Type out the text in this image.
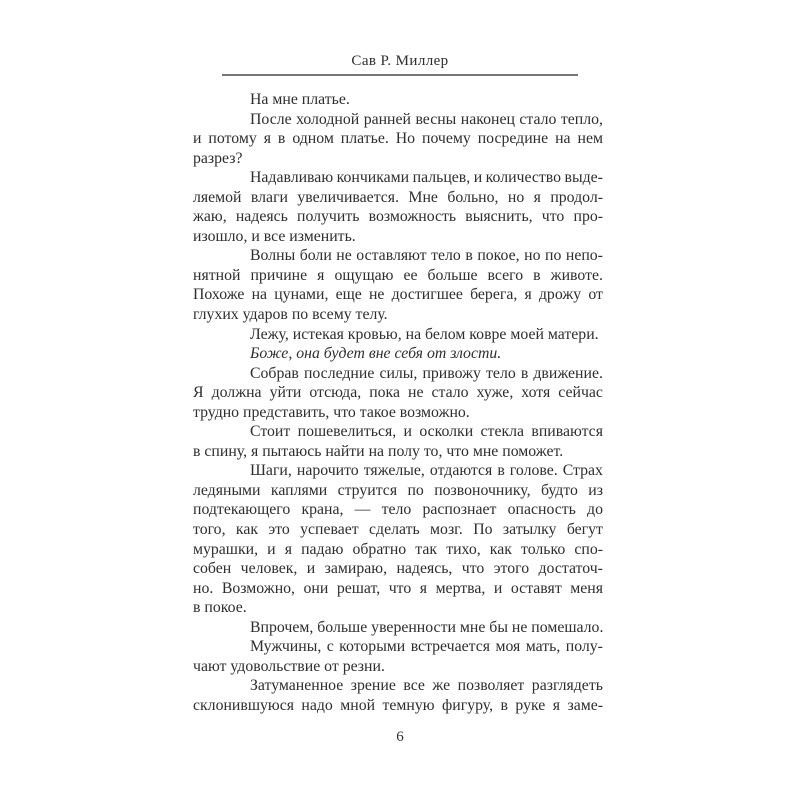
Сав Р. Миллер
На мне платье.
После холодной ранней весны наконец стало тепло,
и потому я в одном платье. Но почему посредине на нем
разрез?
Надавливаю кончиками пальцев, и количество выде-
ляемой влаги увеличивается. Мне больно, но я продол-
жаю, надеясь получить возможность выяснить, что про-
изошло, и все изменить.
Волны боли не оставляют тело в покое, но по непо-
нятной причине я ощущаю ее больше всего в животе.
Похоже на цунами, еще не достигшее берега, я дрожу от
глухих ударов по всему телу.
Лежу, истекая кровью, на белом ковре моей матери.
Боже, она будет вне себя от злости.
Собрав последние силы, привожу тело в движение.
Я должна уйти отсюда, пока не стало хуже, хотя сейчас
трудно представить, что такое возможно.
Стоит пошевелиться, и осколки стекла впиваются
в спину, я пытаюсь найти на полу то, что мне поможет.
Шаги, нарочито тяжелые, отдаются в голове. Страх
ледяными каплями струится по позвоночнику, будто из
подтекающего крана, — тело распознает опасность до
того, как это успевает сделать мозг. По затылку бегут
мурашки, и я падаю обратно так тихо, как только спо-
собен человек, и замираю, надеясь, что этого достаточ-
но. Возможно, они решат, что я мертва, и оставят меня
в покое.
Впрочем, больше уверенности мне бы не помешало.
Мужчины, с которыми встречается моя мать, полу-
чают удовольствие от резни.
Затуманенное зрение все же позволяет разглядеть
склонившуюся надо мной темную фигуру, в руке я заме-
6
